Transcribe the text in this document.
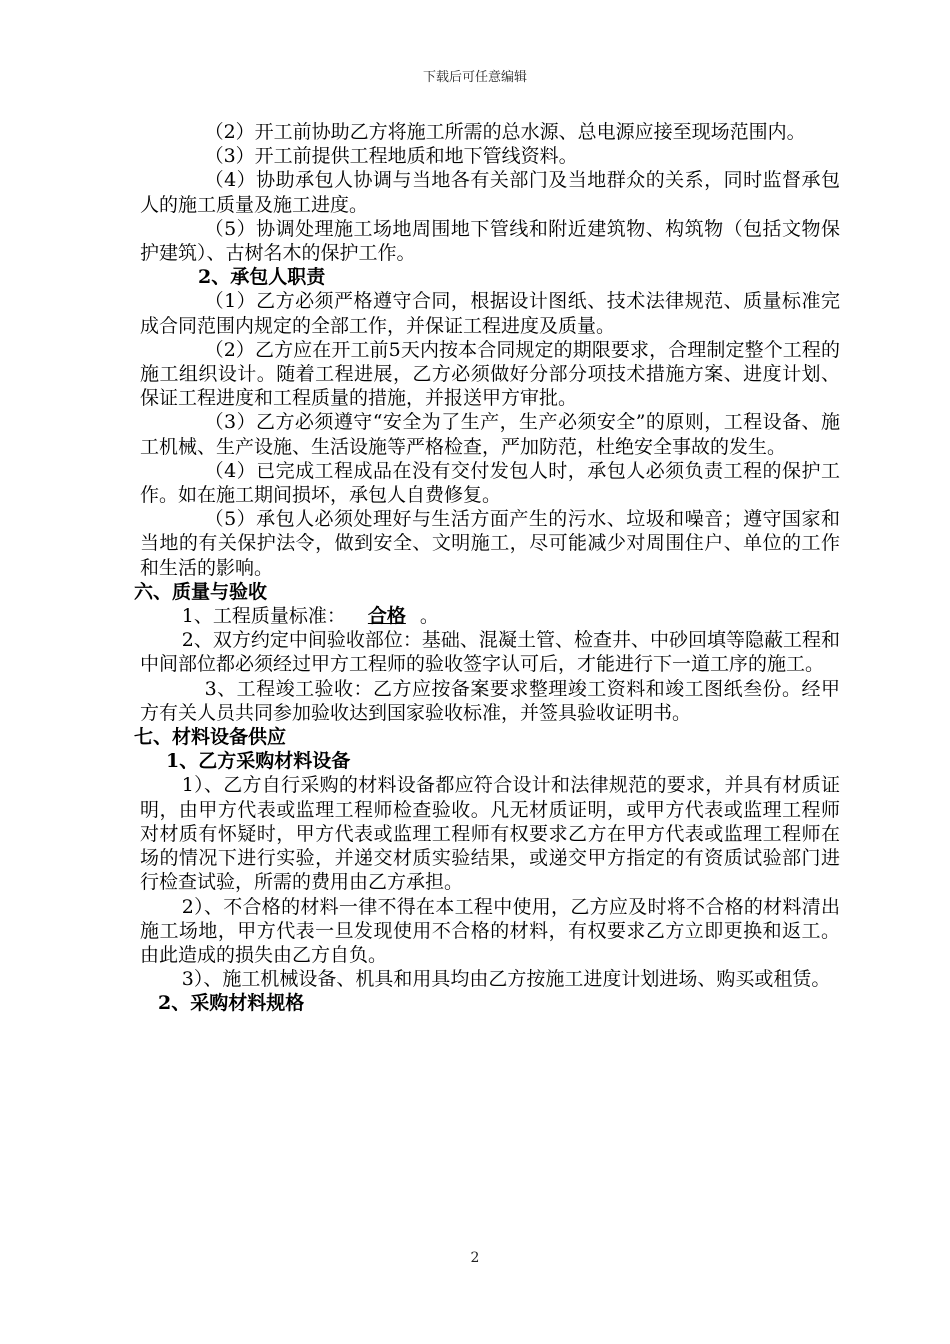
下载后可任意编辑

（2）开工前协助乙方将施工所需的总水源、总电源应接至现场范围内。

（3）开工前提供工程地质和地下管线资料。

（4）协助承包人协调与当地各有关部门及当地群众的关系，同时监督承包人的施工质量及施工进度。

（5）协调处理施工场地周围地下管线和附近建筑物、构筑物（包括文物保护建筑）、古树名木的保护工作。

2、承包人职责

（1）乙方必须严格遵守合同，根据设计图纸、技术法律规范、质量标准完成合同范围内规定的全部工作，并保证工程进度及质量。

（2）乙方应在开工前5天内按本合同规定的期限要求，合理制定整个工程的施工组织设计。随着工程进展，乙方必须做好分部分项技术措施方案、进度计划、保证工程进度和工程质量的措施，并报送甲方审批。

（3）乙方必须遵守“安全为了生产，生产必须安全”的原则，工程设备、施工机械、生产设施、生活设施等严格检查，严加防范，杜绝安全事故的发生。

（4）已完成工程成品在没有交付发包人时，承包人必须负责工程的保护工作。如在施工期间损坏，承包人自费修复。

（5）承包人必须处理好与生活方面产生的污水、垃圾和噪音；遵守国家和当地的有关保护法令，做到安全、文明施工，尽可能减少对周围住户、单位的工作和生活的影响。

六、质量与验收

1、工程质量标准： 合格 。

2、双方约定中间验收部位：基础、混凝土管、检查井、中砂回填等隐蔽工程和中间部位都必须经过甲方工程师的验收签字认可后，才能进行下一道工序的施工。

3、工程竣工验收：乙方应按备案要求整理竣工资料和竣工图纸叁份。经甲方有关人员共同参加验收达到国家验收标准，并签具验收证明书。

七、材料设备供应

1、乙方采购材料设备

1）、乙方自行采购的材料设备都应符合设计和法律规范的要求，并具有材质证明，由甲方代表或监理工程师检查验收。凡无材质证明，或甲方代表或监理工程师对材质有怀疑时，甲方代表或监理工程师有权要求乙方在甲方代表或监理工程师在场的情况下进行实验，并递交材质实验结果，或递交甲方指定的有资质试验部门进行检查试验，所需的费用由乙方承担。

2）、不合格的材料一律不得在本工程中使用，乙方应及时将不合格的材料清出施工场地，甲方代表一旦发现使用不合格的材料，有权要求乙方立即更换和返工。由此造成的损失由乙方自负。

3）、施工机械设备、机具和用具均由乙方按施工进度计划进场、购买或租赁。

2、采购材料规格

2
